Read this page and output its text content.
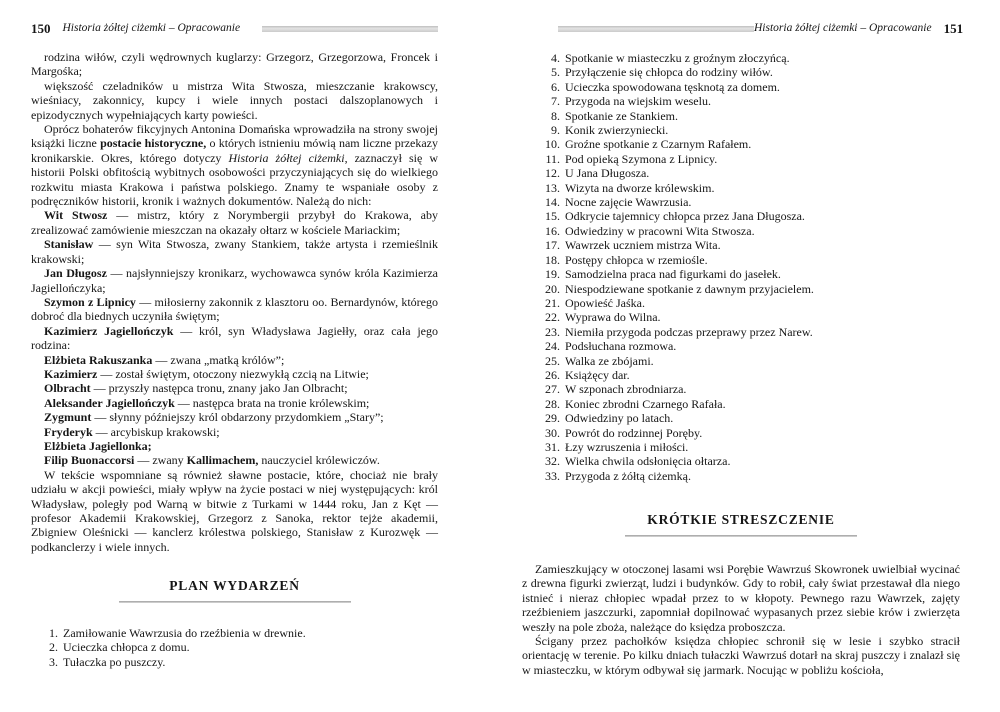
150 Historia żółtej ciżemki – Opracowanie

rodzina wiłów, czyli wędrownych kuglarzy: Grzegorz, Grzegorzowa, Froncek i Margośka;

większość czeladników u mistrza Wita Stwosza, mieszczanie krakowscy, wieśniacy, zakonnicy, kupcy i wiele innych postaci dalszoplanowych i epizodycznych wypełniających karty powieści.

Oprócz bohaterów fikcyjnych Antonina Domańska wprowadziła na strony swojej książki liczne postacie historyczne, o których istnieniu mówią nam liczne przekazy kronikarskie. Okres, którego dotyczy Historia żółtej ciżemki, zaznaczył się w historii Polski obfitością wybitnych osobowości przyczyniających się do wielkiego rozkwitu miasta Krakowa i państwa polskiego. Znamy te wspaniałe osoby z podręczników historii, kronik i ważnych dokumentów. Należą do nich:

Wit Stwosz — mistrz, który z Norymbergii przybył do Krakowa, aby zrealizować zamówienie mieszczan na okazały ołtarz w kościele Mariackim;

Stanisław — syn Wita Stwosza, zwany Stankiem, także artysta i rzemieślnik krakowski;

Jan Długosz — najsłynniejszy kronikarz, wychowawca synów króla Kazimierza Jagiellończyka;

Szymon z Lipnicy — miłosierny zakonnik z klasztoru oo. Bernardynów, którego dobroć dla biednych uczyniła świętym;

Kazimierz Jagiellończyk — król, syn Władysława Jagiełły, oraz cała jego rodzina:

Elżbieta Rakuszanka — zwana „matką królów”;

Kazimierz — został świętym, otoczony niezwykłą czcią na Litwie;

Olbracht — przyszły następca tronu, znany jako Jan Olbracht;

Aleksander Jagiellończyk — następca brata na tronie królewskim;

Zygmunt — słynny późniejszy król obdarzony przydomkiem „Stary”;

Fryderyk — arcybiskup krakowski;

Elżbieta Jagiellonka;

Filip Buonaccorsi — zwany Kallimachem, nauczyciel królewiczów.

W tekście wspomniane są również sławne postacie, które, chociaż nie brały udziału w akcji powieści, miały wpływ na życie postaci w niej występujących: król Władysław, poległy pod Warną w bitwie z Turkami w 1444 roku, Jan z Kęt — profesor Akademii Krakowskiej, Grzegorz z Sanoka, rektor tejże akademii, Zbigniew Oleśnicki — kanclerz królestwa polskiego, Stanisław z Kurozwęk — podkanclerzy i wiele innych.

PLAN WYDARZEŃ
1. Zamiłowanie Wawrzusia do rzeźbienia w drewnie.
2. Ucieczka chłopca z domu.
3. Tułaczka po puszczy.
Historia żółtej ciżemki – Opracowanie 151
4. Spotkanie w miasteczku z groźnym złoczyńcą.
5. Przyłączenie się chłopca do rodziny wiłów.
6. Ucieczka spowodowana tęsknotą za domem.
7. Przygoda na wiejskim weselu.
8. Spotkanie ze Stankiem.
9. Konik zwierzyniecki.
10. Groźne spotkanie z Czarnym Rafałem.
11. Pod opieką Szymona z Lipnicy.
12. U Jana Długosza.
13. Wizyta na dworze królewskim.
14. Nocne zajęcie Wawrzusia.
15. Odkrycie tajemnicy chłopca przez Jana Długosza.
16. Odwiedziny w pracowni Wita Stwosza.
17. Wawrzek uczniem mistrza Wita.
18. Postępy chłopca w rzemiośle.
19. Samodzielna praca nad figurkami do jasełek.
20. Niespodziewane spotkanie z dawnym przyjacielem.
21. Opowieść Jaśka.
22. Wyprawa do Wilna.
23. Niemiła przygoda podczas przeprawy przez Narew.
24. Podsłuchana rozmowa.
25. Walka ze zbójami.
26. Książęcy dar.
27. W szponach zbrodniarza.
28. Koniec zbrodni Czarnego Rafała.
29. Odwiedziny po latach.
30. Powrót do rodzinnej Poręby.
31. Łzy wzruszenia i miłości.
32. Wielka chwila odsłonięcia ołtarza.
33. Przygoda z żółtą ciżemką.
KRÓTKIE STRESZCZENIE

Zamieszkujący w otoczonej lasami wsi Porębie Wawrzuś Skowronek uwielbiał wycinać z drewna figurki zwierząt, ludzi i budynków. Gdy to robił, cały świat przestawał dla niego istnieć i nieraz chłopiec wpadał przez to w kłopoty. Pewnego razu Wawrzek, zajęty rzeźbieniem jaszczurki, zapomniał dopilnować wypasanych przez siebie krów i zwierzęta weszły na pole zboża, należące do księdza proboszcza.

Ścigany przez pachołków księdza chłopiec schronił się w lesie i szybko stracił orientację w terenie. Po kilku dniach tułaczki Wawrzuś dotarł na skraj puszczy i znalazł się w miasteczku, w którym odbywał się jarmark. Nocując w pobliżu kościoła,
